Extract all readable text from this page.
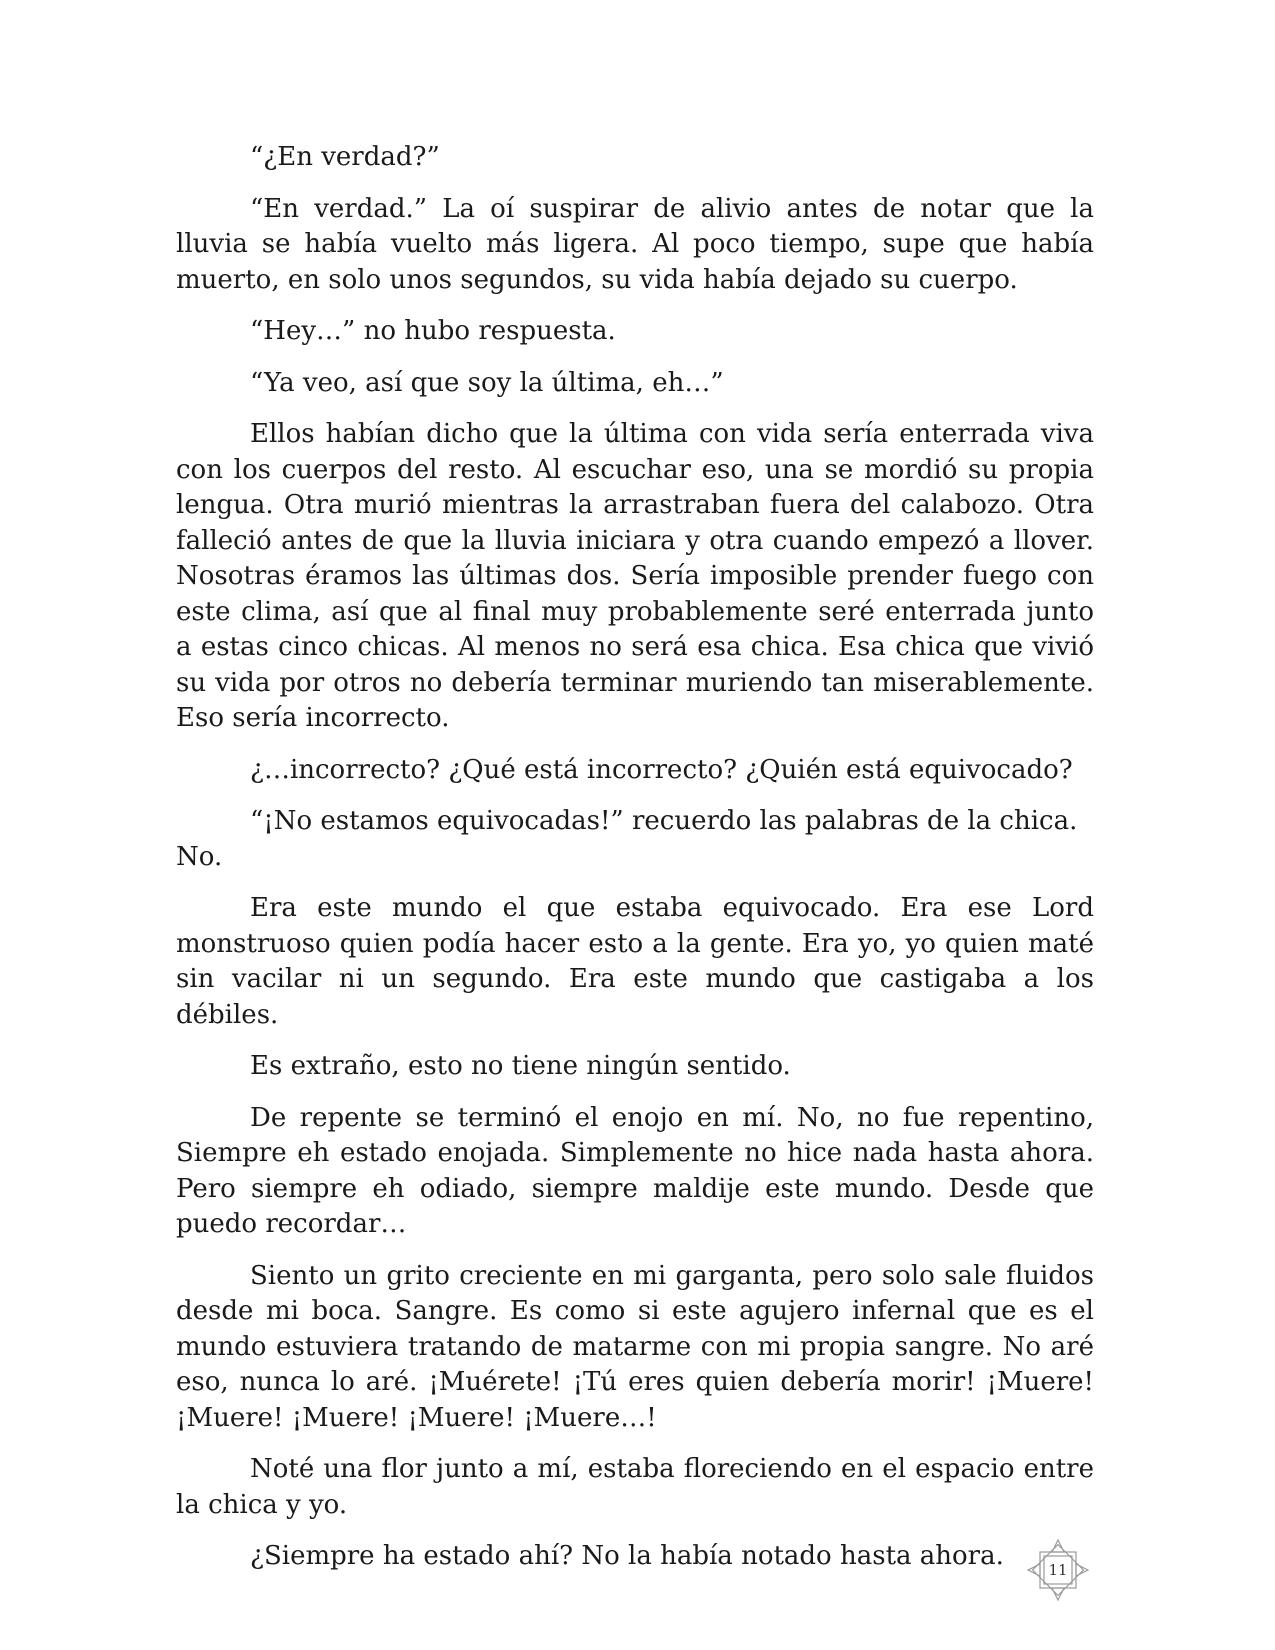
“¿En verdad?”

“En verdad.” La oí suspirar de alivio antes de notar que la lluvia se había vuelto más ligera. Al poco tiempo, supe que había muerto, en solo unos segundos, su vida había dejado su cuerpo.

“Hey…” no hubo respuesta.

“Ya veo, así que soy la última, eh…”

Ellos habían dicho que la última con vida sería enterrada viva con los cuerpos del resto. Al escuchar eso, una se mordió su propia lengua. Otra murió mientras la arrastraban fuera del calabozo. Otra falleció antes de que la lluvia iniciara y otra cuando empezó a llover. Nosotras éramos las últimas dos. Sería imposible prender fuego con este clima, así que al final muy probablemente seré enterrada junto a estas cinco chicas. Al menos no será esa chica. Esa chica que vivió su vida por otros no debería terminar muriendo tan miserablemente. Eso sería incorrecto.

¿…incorrecto? ¿Qué está incorrecto? ¿Quién está equivocado?

“¡No estamos equivocadas!” recuerdo las palabras de la chica. No.

Era este mundo el que estaba equivocado. Era ese Lord monstruoso quien podía hacer esto a la gente. Era yo, yo quien maté sin vacilar ni un segundo. Era este mundo que castigaba a los débiles.

Es extraño, esto no tiene ningún sentido.

De repente se terminó el enojo en mí. No, no fue repentino, Siempre eh estado enojada. Simplemente no hice nada hasta ahora. Pero siempre eh odiado, siempre maldije este mundo. Desde que puedo recordar…

Siento un grito creciente en mi garganta, pero solo sale fluidos desde mi boca. Sangre. Es como si este agujero infernal que es el mundo estuviera tratando de matarme con mi propia sangre. No aré eso, nunca lo aré. ¡Muérete! ¡Tú eres quien debería morir! ¡Muere! ¡Muere! ¡Muere! ¡Muere! ¡Muere…!

Noté una flor junto a mí, estaba floreciendo en el espacio entre la chica y yo.

¿Siempre ha estado ahí? No la había notado hasta ahora.	11
